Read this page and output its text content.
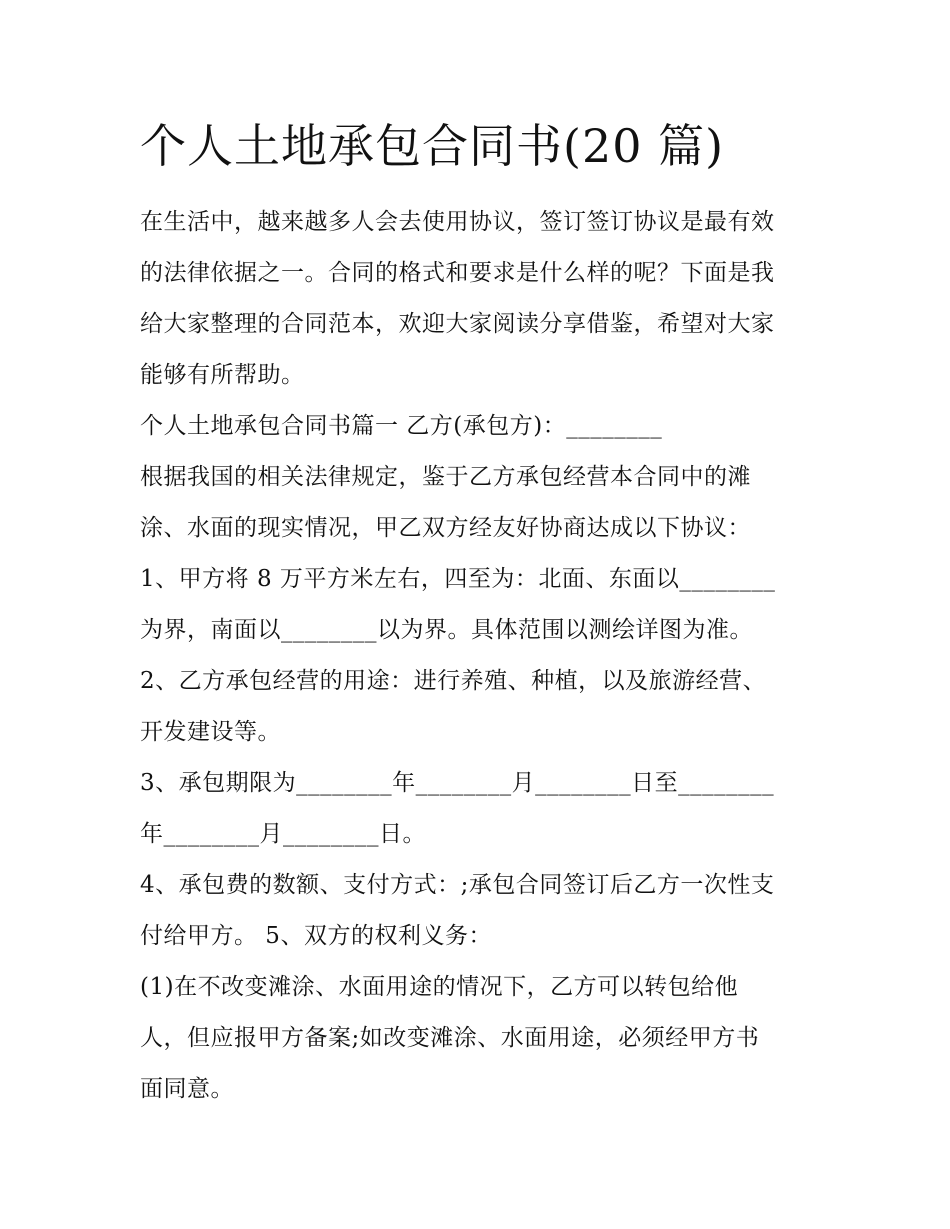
个人土地承包合同书(20 篇)

在生活中，越来越多人会去使用协议，签订签订协议是最有效

的法律依据之一。合同的格式和要求是什么样的呢？下面是我

给大家整理的合同范本，欢迎大家阅读分享借鉴，希望对大家

能够有所帮助。

个人土地承包合同书篇一 乙方(承包方)：________

根据我国的相关法律规定，鉴于乙方承包经营本合同中的滩

涂、水面的现实情况，甲乙双方经友好协商达成以下协议：

1、甲方将 8 万平方米左右，四至为：北面、东面以________

为界，南面以________以为界。具体范围以测绘详图为准。

2、乙方承包经营的用途：进行养殖、种植，以及旅游经营、

开发建设等。

3、承包期限为________年________月________日至________

年________月________日。

4、承包费的数额、支付方式：;承包合同签订后乙方一次性支

付给甲方。 5、双方的权利义务：

(1)在不改变滩涂、水面用途的情况下，乙方可以转包给他

人，但应报甲方备案;如改变滩涂、水面用途，必须经甲方书

面同意。
